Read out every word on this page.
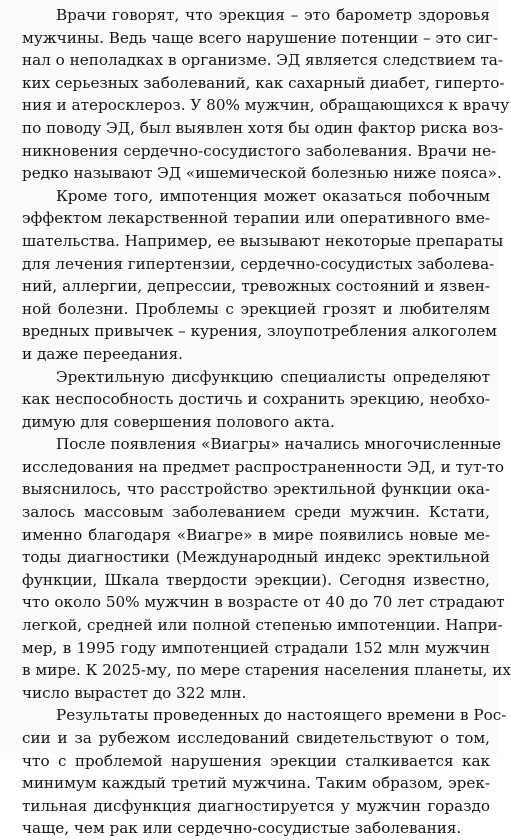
Врачи говорят, что эрекция – это барометр здоровья
мужчины. Ведь чаще всего нарушение потенции – это сиг-
нал о неполадках в организме. ЭД является следствием та-
ких серьезных заболеваний, как сахарный диабет, гиперто-
ния и атеросклероз. У 80% мужчин, обращающихся к врачу
по поводу ЭД, был выявлен хотя бы один фактор риска воз-
никновения сердечно-сосудистого заболевания. Врачи не-
редко называют ЭД «ишемической болезнью ниже пояса».
Кроме того, импотенция может оказаться побочным
эффектом лекарственной терапии или оперативного вме-
шательства. Например, ее вызывают некоторые препараты
для лечения гипертензии, сердечно-сосудистых заболева-
ний, аллергии, депрессии, тревожных состояний и язвен-
ной болезни. Проблемы с эрекцией грозят и любителям
вредных привычек – курения, злоупотребления алкоголем
и даже переедания.
Эректильную дисфункцию специалисты определяют
как неспособность достичь и сохранить эрекцию, необхо-
димую для совершения полового акта.
После появления «Виагры» начались многочисленные
исследования на предмет распространенности ЭД, и тут-то
выяснилось, что расстройство эректильной функции ока-
залось массовым заболеванием среди мужчин. Кстати,
именно благодаря «Виагре» в мире появились новые ме-
тоды диагностики (Международный индекс эректильной
функции, Шкала твердости эрекции). Сегодня известно,
что около 50% мужчин в возрасте от 40 до 70 лет страдают
легкой, средней или полной степенью импотенции. Напри-
мер, в 1995 году импотенцией страдали 152 млн мужчин
в мире. К 2025-му, по мере старения населения планеты, их
число вырастет до 322 млн.
Результаты проведенных до настоящего времени в Рос-
сии и за рубежом исследований свидетельствуют о том,
что с проблемой нарушения эрекции сталкивается как
минимум каждый третий мужчина. Таким образом, эрек-
тильная дисфункция диагностируется у мужчин гораздо
чаще, чем рак или сердечно-сосудистые заболевания.
